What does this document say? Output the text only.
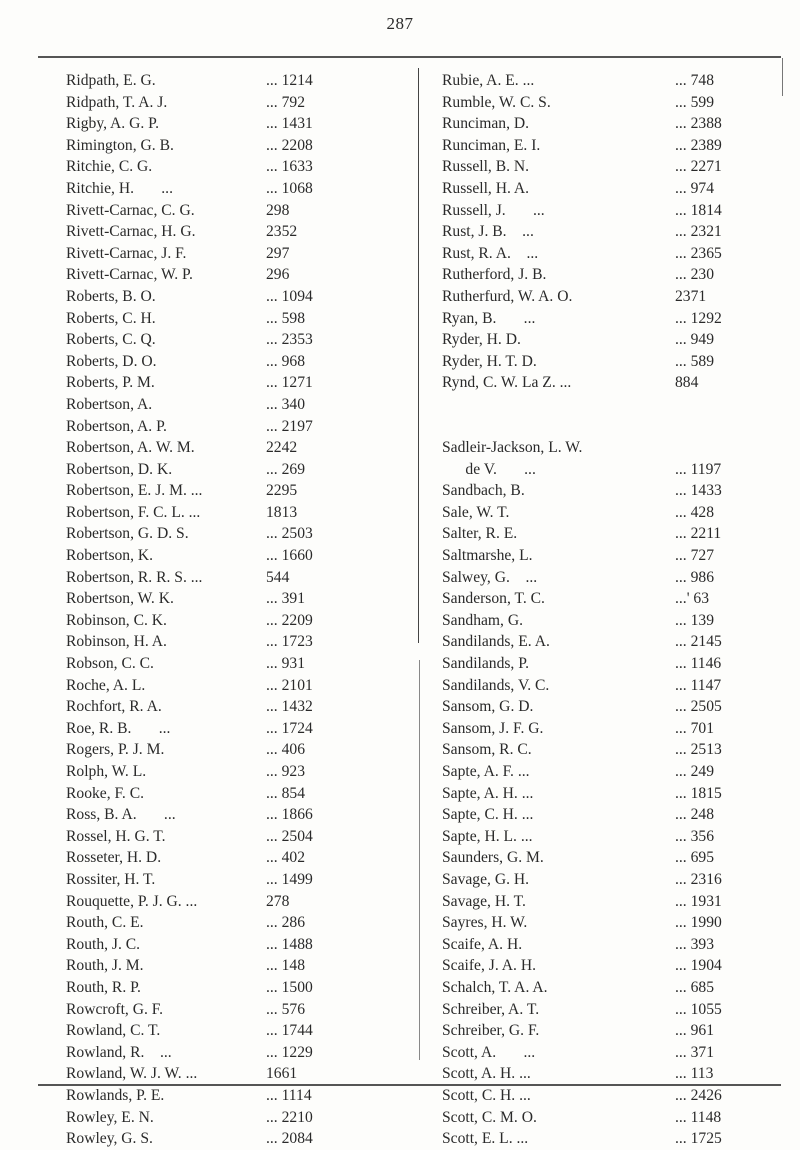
287
Ridpath, E. G.	... 1214
Ridpath, T. A. J.	... 792
Rigby, A. G. P.	... 1431
Rimington, G. B.	... 2208
Ritchie, C. G.	... 1633
Ritchie, H.       ...	... 1068
Rivett-Carnac, C. G.	298
Rivett-Carnac, H. G.	2352
Rivett-Carnac, J. F.	297
Rivett-Carnac, W. P.	296
Roberts, B. O.	... 1094
Roberts, C. H.	... 598
Roberts, C. Q.	... 2353
Roberts, D. O.	... 968
Roberts, P. M.	... 1271
Robertson, A.	... 340
Robertson, A. P.	... 2197
Robertson, A. W. M.	2242
Robertson, D. K.	... 269
Robertson, E. J. M. ...	2295
Robertson, F. C. L. ...	1813
Robertson, G. D. S.	... 2503
Robertson, K.	... 1660
Robertson, R. R. S. ...	544
Robertson, W. K.	... 391
Robinson, C. K.	... 2209
Robinson, H. A.	... 1723
Robson, C. C.	... 931
Roche, A. L.	... 2101
Rochfort, R. A.	... 1432
Roe, R. B.       ...	... 1724
Rogers, P. J. M.	... 406
Rolph, W. L.	... 923
Rooke, F. C.	... 854
Ross, B. A.       ...	... 1866
Rossel, H. G. T.	... 2504
Rosseter, H. D.	... 402
Rossiter, H. T.	... 1499
Rouquette, P. J. G. ...	278
Routh, C. E.	... 286
Routh, J. C.	... 1488
Routh, J. M.	... 148
Routh, R. P.	... 1500
Rowcroft, G. F.	... 576
Rowland, C. T.	... 1744
Rowland, R.    ...	... 1229
Rowland, W. J. W. ...	1661
Rowlands, P. E.	... 1114
Rowley, E. N.	... 2210
Rowley, G. S.	... 2084
Rubie, A. E. ...	... 748
Rumble, W. C. S.	... 599
Runciman, D.	... 2388
Runciman, E. I.	... 2389
Russell, B. N.	... 2271
Russell, H. A.	... 974
Russell, J.       ...	... 1814
Rust, J. B.    ...	... 2321
Rust, R. A.    ...	... 2365
Rutherford, J. B.	... 230
Rutherfurd, W. A. O.	2371
Ryan, B.       ...	... 1292
Ryder, H. D.	... 949
Ryder, H. T. D.	... 589
Rynd, C. W. La Z. ...	884
Sadleir-Jackson, L. W.
de V.       ...	... 1197
Sandbach, B.	... 1433
Sale, W. T.	... 428
Salter, R. E.	... 2211
Saltmarshe, L.	... 727
Salwey, G.    ...	... 986
Sanderson, T. C.	...' 63
Sandham, G.	... 139
Sandilands, E. A.	... 2145
Sandilands, P.	... 1146
Sandilands, V. C.	... 1147
Sansom, G. D.	... 2505
Sansom, J. F. G.	... 701
Sansom, R. C.	... 2513
Sapte, A. F. ...	... 249
Sapte, A. H. ...	... 1815
Sapte, C. H. ...	... 248
Sapte, H. L. ...	... 356
Saunders, G. M.	... 695
Savage, G. H.	... 2316
Savage, H. T.	... 1931
Sayres, H. W.	... 1990
Scaife, A. H.	... 393
Scaife, J. A. H.	... 1904
Schalch, T. A. A.	... 685
Schreiber, A. T.	... 1055
Schreiber, G. F.	... 961
Scott, A.       ...	... 371
Scott, A. H. ...	... 113
Scott, C. H. ...	... 2426
Scott, C. M. O.	... 1148
Scott, E. L. ...	... 1725
